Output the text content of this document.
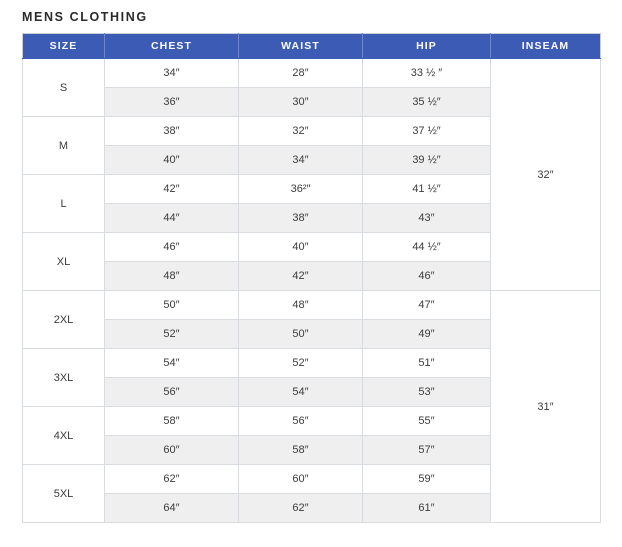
MENS CLOTHING
SIZE	CHEST	WAIST	HIP	INSEAM
S	34″	28″	33 ½ ″	32″
	36″	30″	35 ½″	
M	38″	32″	37 ½″	
	40″	34″	39 ½″	
L	42″	36²″	41 ½″	
	44″	38″	43″	
XL	46″	40″	44 ½″	
	48″	42″	46″	
2XL	50″	48″	47″	31″
	52″	50″	49″	
3XL	54″	52″	51″	
	56″	54″	53″	
4XL	58″	56″	55″	
	60″	58″	57″	
5XL	62″	60″	59″	
	64″	62″	61″	
